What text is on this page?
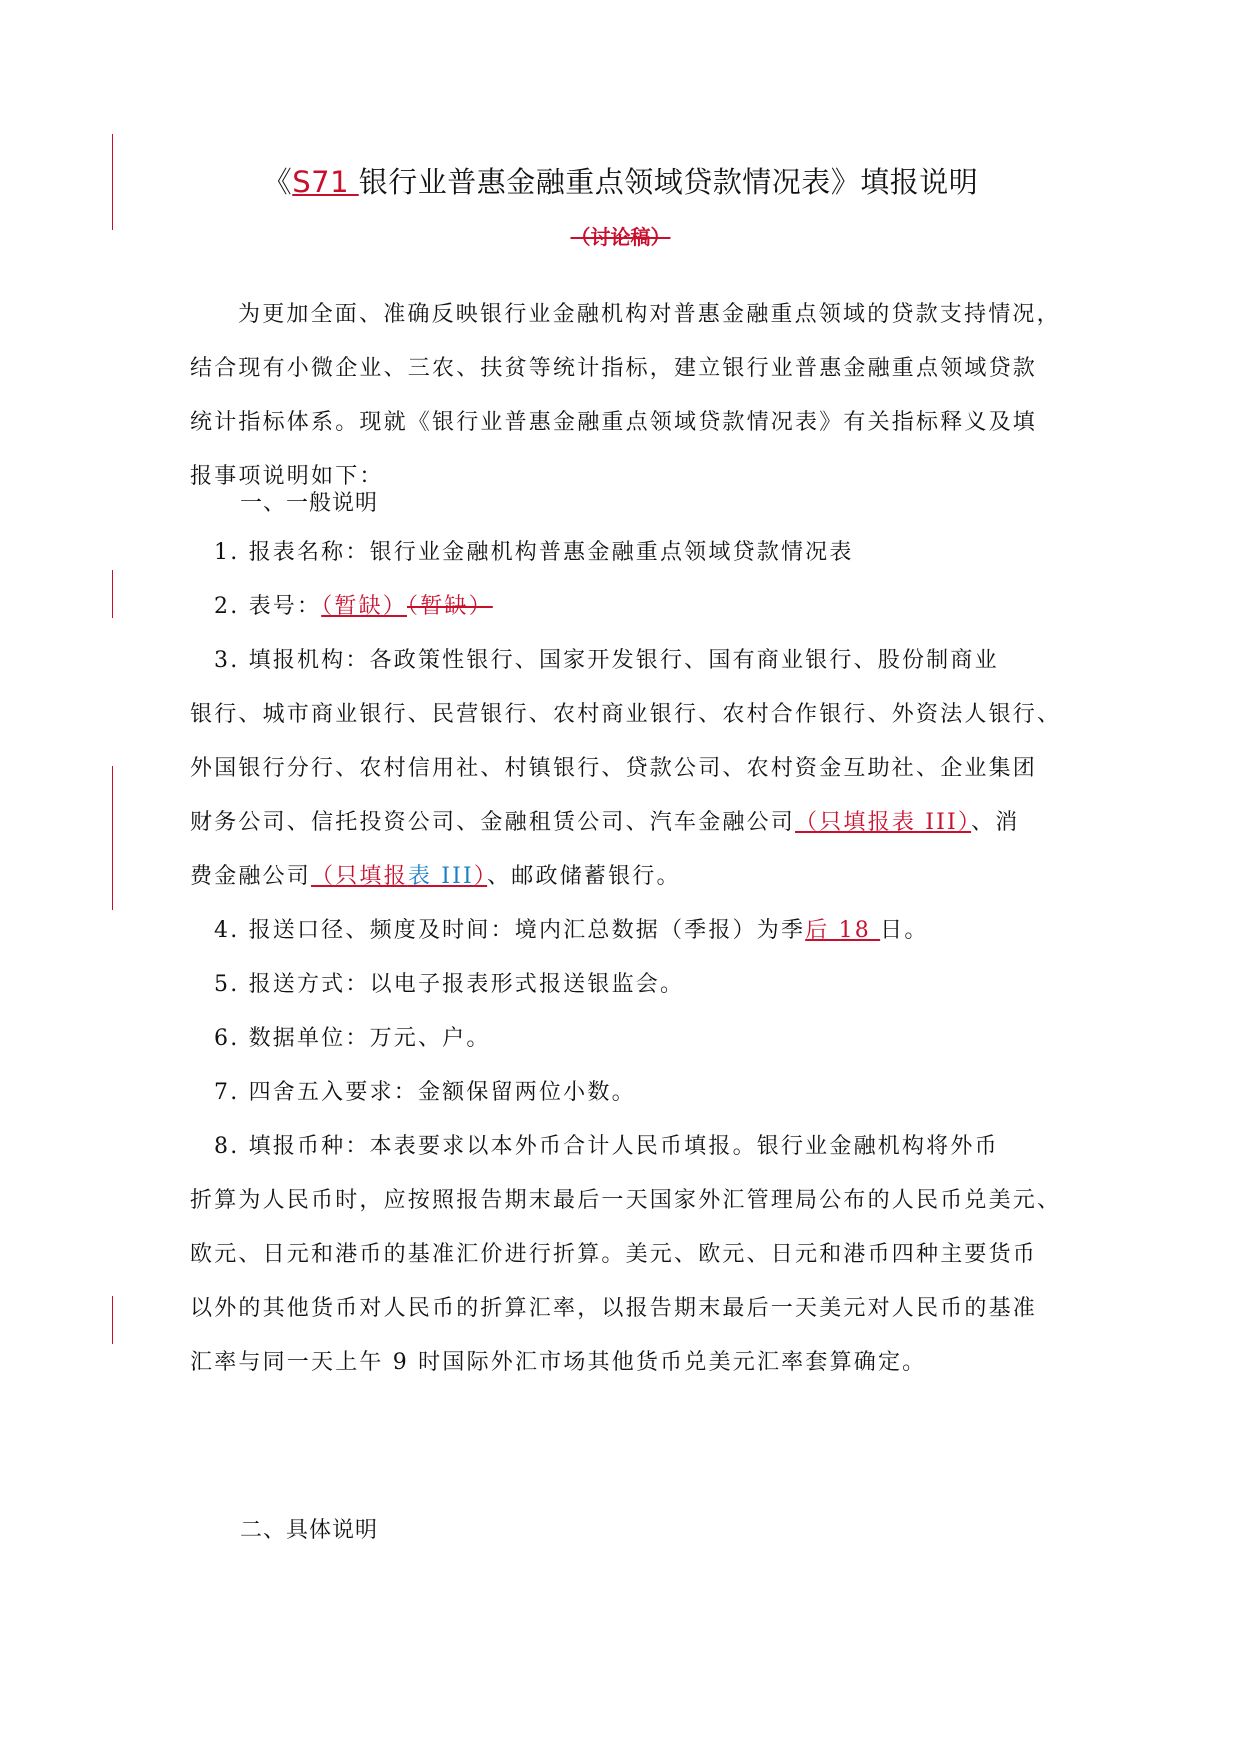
《S71 银行业普惠金融重点领域贷款情况表》填报说明
（讨论稿）
为更加全面、准确反映银行业金融机构对普惠金融重点领域的贷款支持情况，
结合现有小微企业、三农、扶贫等统计指标，建立银行业普惠金融重点领域贷款
统计指标体系。现就《银行业普惠金融重点领域贷款情况表》有关指标释义及填
报事项说明如下：
一、一般说明
1. 报表名称：银行业金融机构普惠金融重点领域贷款情况表
2. 表号：（暂缺）（暂缺）
3. 填报机构：各政策性银行、国家开发银行、国有商业银行、股份制商业
银行、城市商业银行、民营银行、农村商业银行、农村合作银行、外资法人银行、
外国银行分行、农村信用社、村镇银行、贷款公司、农村资金互助社、企业集团
财务公司、信托投资公司、金融租赁公司、汽车金融公司（只填报表 III）、消
费金融公司（只填报表 III）、邮政储蓄银行。
4. 报送口径、频度及时间：境内汇总数据（季报）为季后 18 日。
5. 报送方式：以电子报表形式报送银监会。
6. 数据单位：万元、户。
7. 四舍五入要求：金额保留两位小数。
8. 填报币种：本表要求以本外币合计人民币填报。银行业金融机构将外币
折算为人民币时，应按照报告期末最后一天国家外汇管理局公布的人民币兑美元、
欧元、日元和港币的基准汇价进行折算。美元、欧元、日元和港币四种主要货币
以外的其他货币对人民币的折算汇率，以报告期末最后一天美元对人民币的基准
汇率与同一天上午 9 时国际外汇市场其他货币兑美元汇率套算确定。
二、具体说明
